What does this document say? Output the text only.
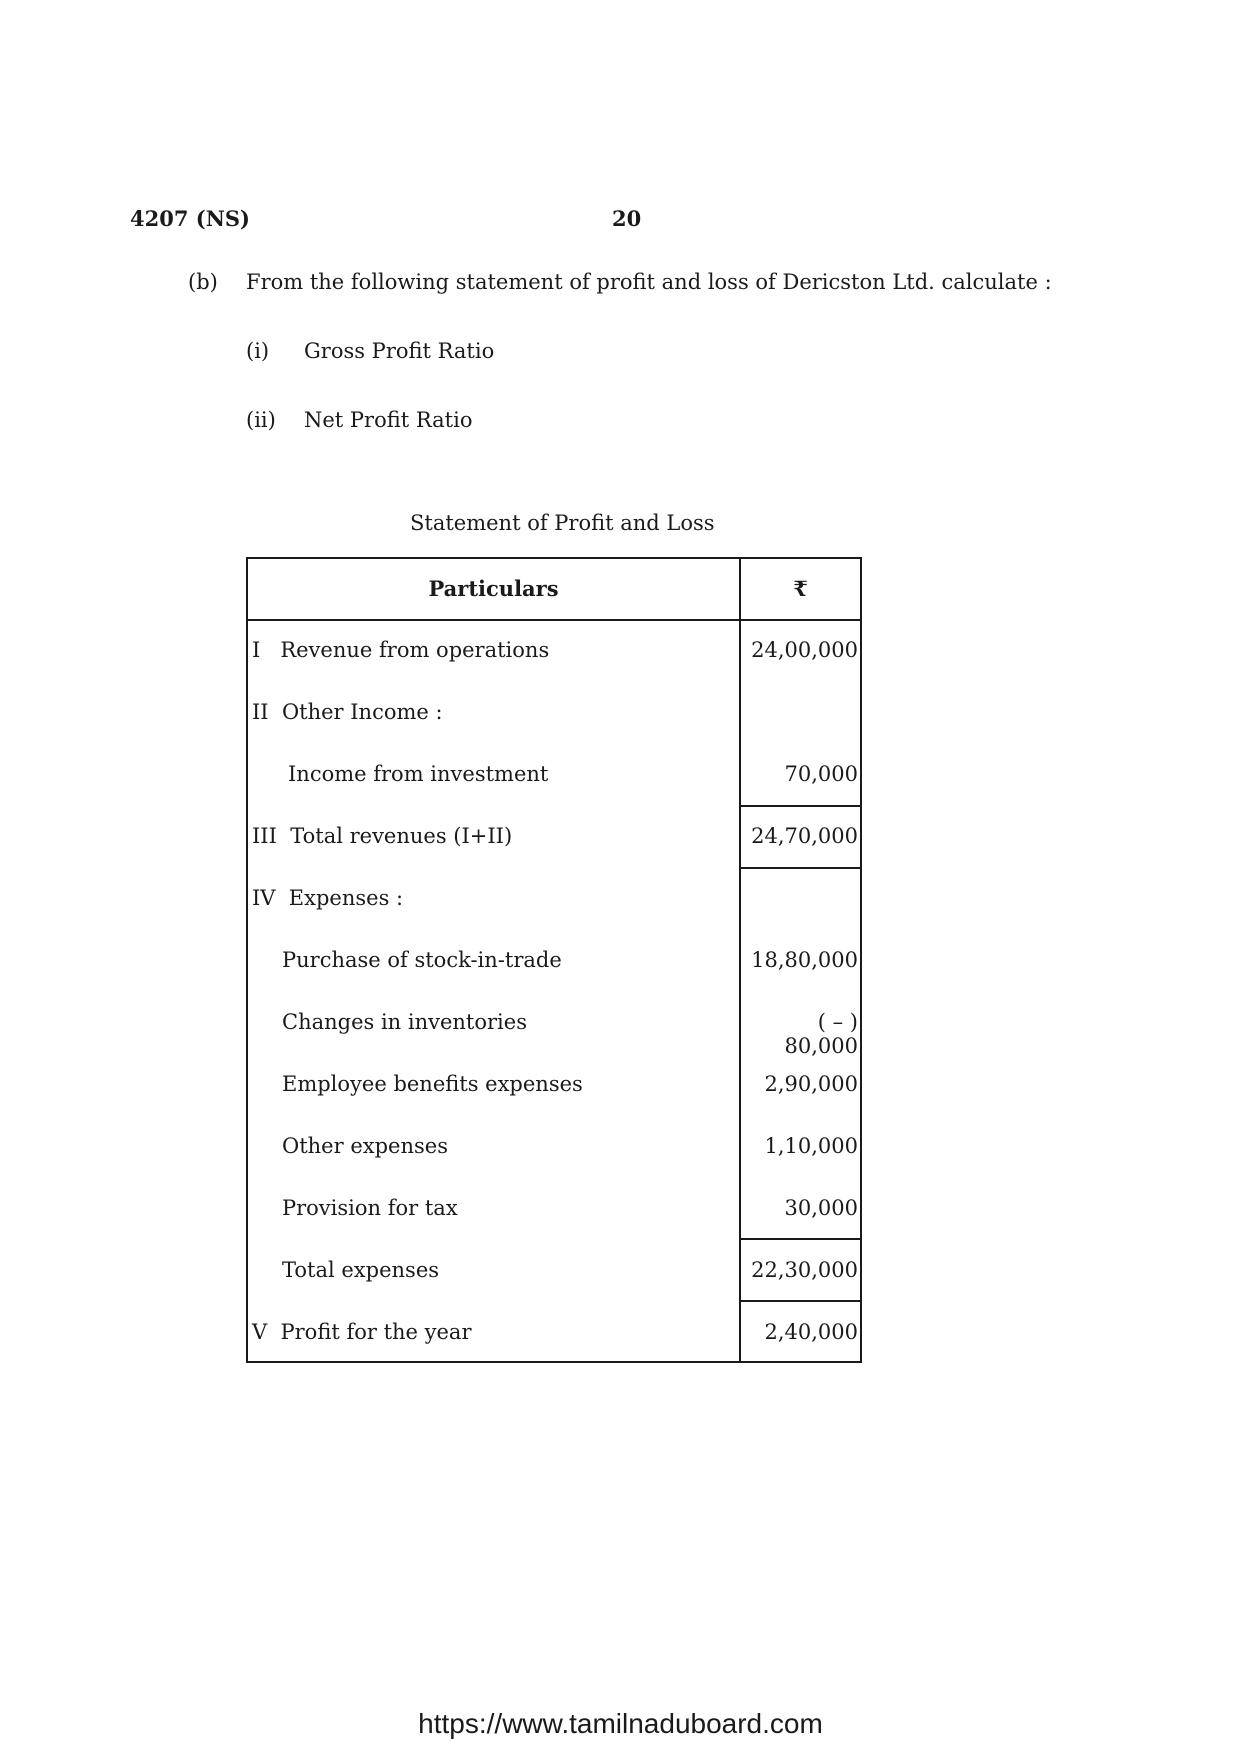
4207 (NS)	20
(b) From the following statement of profit and loss of Dericston Ltd. calculate :
(i) Gross Profit Ratio
(ii) Net Profit Ratio
Statement of Profit and Loss
Particulars	₹
I   Revenue from operations	24,00,000
II  Other Income :
Income from investment	70,000
III  Total revenues (I+II)	24,70,000
IV  Expenses :
Purchase of stock-in-trade	18,80,000
Changes in inventories	( – ) 80,000
Employee benefits expenses	2,90,000
Other expenses	1,10,000
Provision for tax	30,000
Total expenses	22,30,000
V  Profit for the year	2,40,000
https://www.tamilnaduboard.com
